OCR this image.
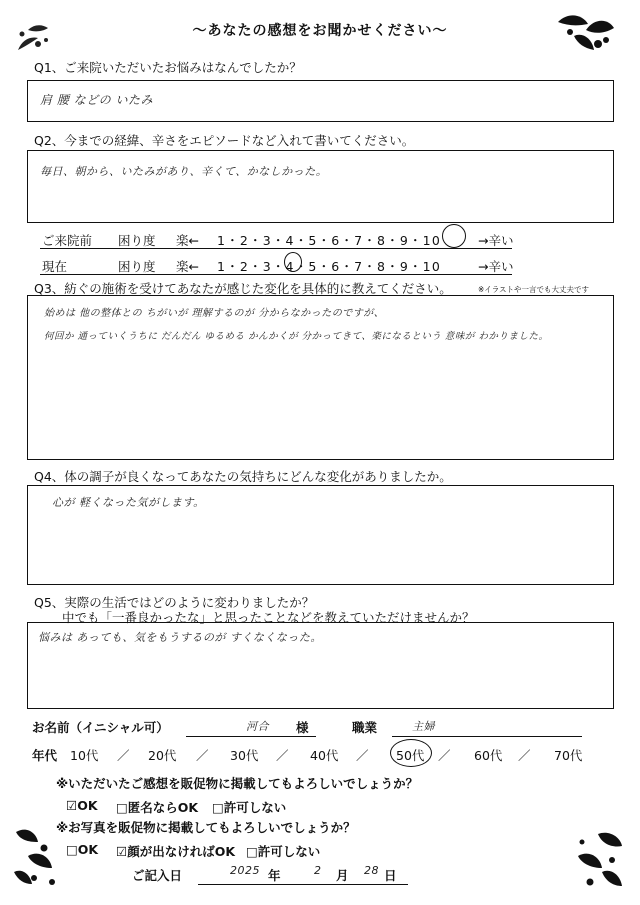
〜あなたの感想をお聞かせください〜
Q1、ご来院いただいたお悩みはなんでしたか？
肩 腰 などの いたみ
Q2、今までの経緯、辛さをエピソードなど入れて書いてください。
毎日、朝から、いたみがあり、辛くて、かなしかった。
ご来院前 困り度 楽← 1・2・3・4・5・6・7・8・9・10	→辛い
現在	困り度 楽← 1・2・3・4・5・6・7・8・9・10	→辛い
Q3、紡ぐの施術を受けてあなたが感じた変化を具体的に教えてください。	※イラストや一言でも大丈夫です
始めは 他の整体との ちがいが 理解するのが 分からなかったのですが、
何回か 通っていくうちに だんだん ゆるめる かんかくが 分かってきて、楽になるという 意味が わかりました。
Q4、体の調子が良くなってあなたの気持ちにどんな変化がありましたか。
心が 軽くなった気がします。
Q5、実際の生活ではどのように変わりましたか？
中でも「一番良かったな」と思ったことなどを教えていただけませんか？
悩みは あっても、気をもうするのが すくなくなった。
お名前（イニシャル可）	河合 様	職業	主婦
年代 10代 ／ 20代 ／ 30代 ／ 40代 ／ 50代 ／ 60代 ／ 70代
※いただいたご感想を販促物に掲載してもよろしいでしょうか？
☑OK □匿名ならOK □許可しない
※お写真を販促物に掲載してもよろしいでしょうか？
□OK ☑顔が出なければOK □許可しない
ご記入日	2025 年	2 月 28 日
